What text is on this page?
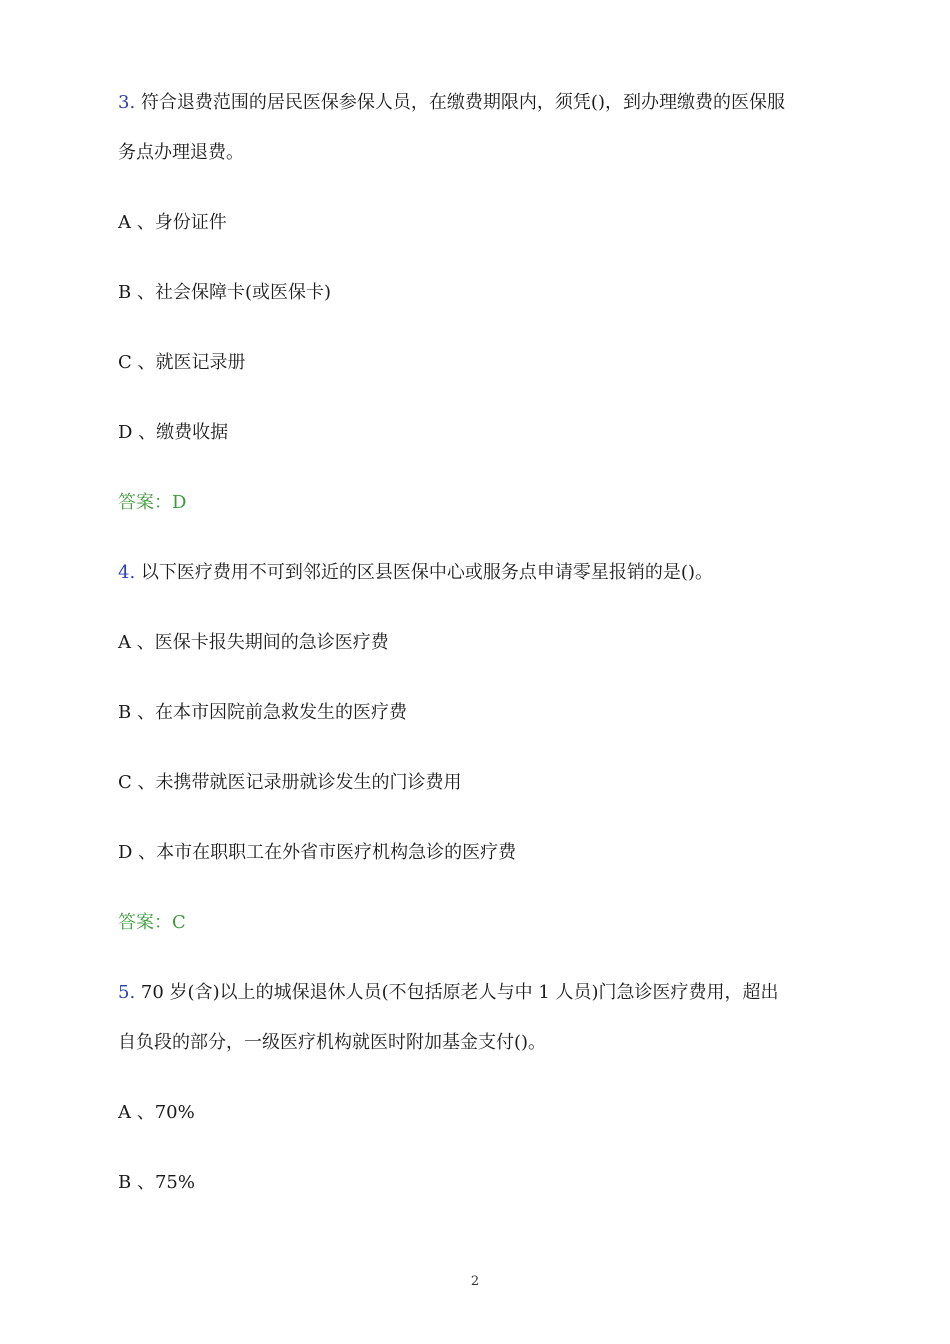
3. 符合退费范围的居民医保参保人员，在缴费期限内，须凭()，到办理缴费的医保服
务点办理退费。
A 、身份证件
B 、社会保障卡(或医保卡)
C 、就医记录册
D 、缴费收据
答案：D
4. 以下医疗费用不可到邻近的区县医保中心或服务点申请零星报销的是()。
A 、医保卡报失期间的急诊医疗费
B 、在本市因院前急救发生的医疗费
C 、未携带就医记录册就诊发生的门诊费用
D 、本市在职职工在外省市医疗机构急诊的医疗费
答案：C
5. 70 岁(含)以上的城保退休人员(不包括原老人与中 1 人员)门急诊医疗费用，超出
自负段的部分，一级医疗机构就医时附加基金支付()。
A 、70%
B 、75%
2
